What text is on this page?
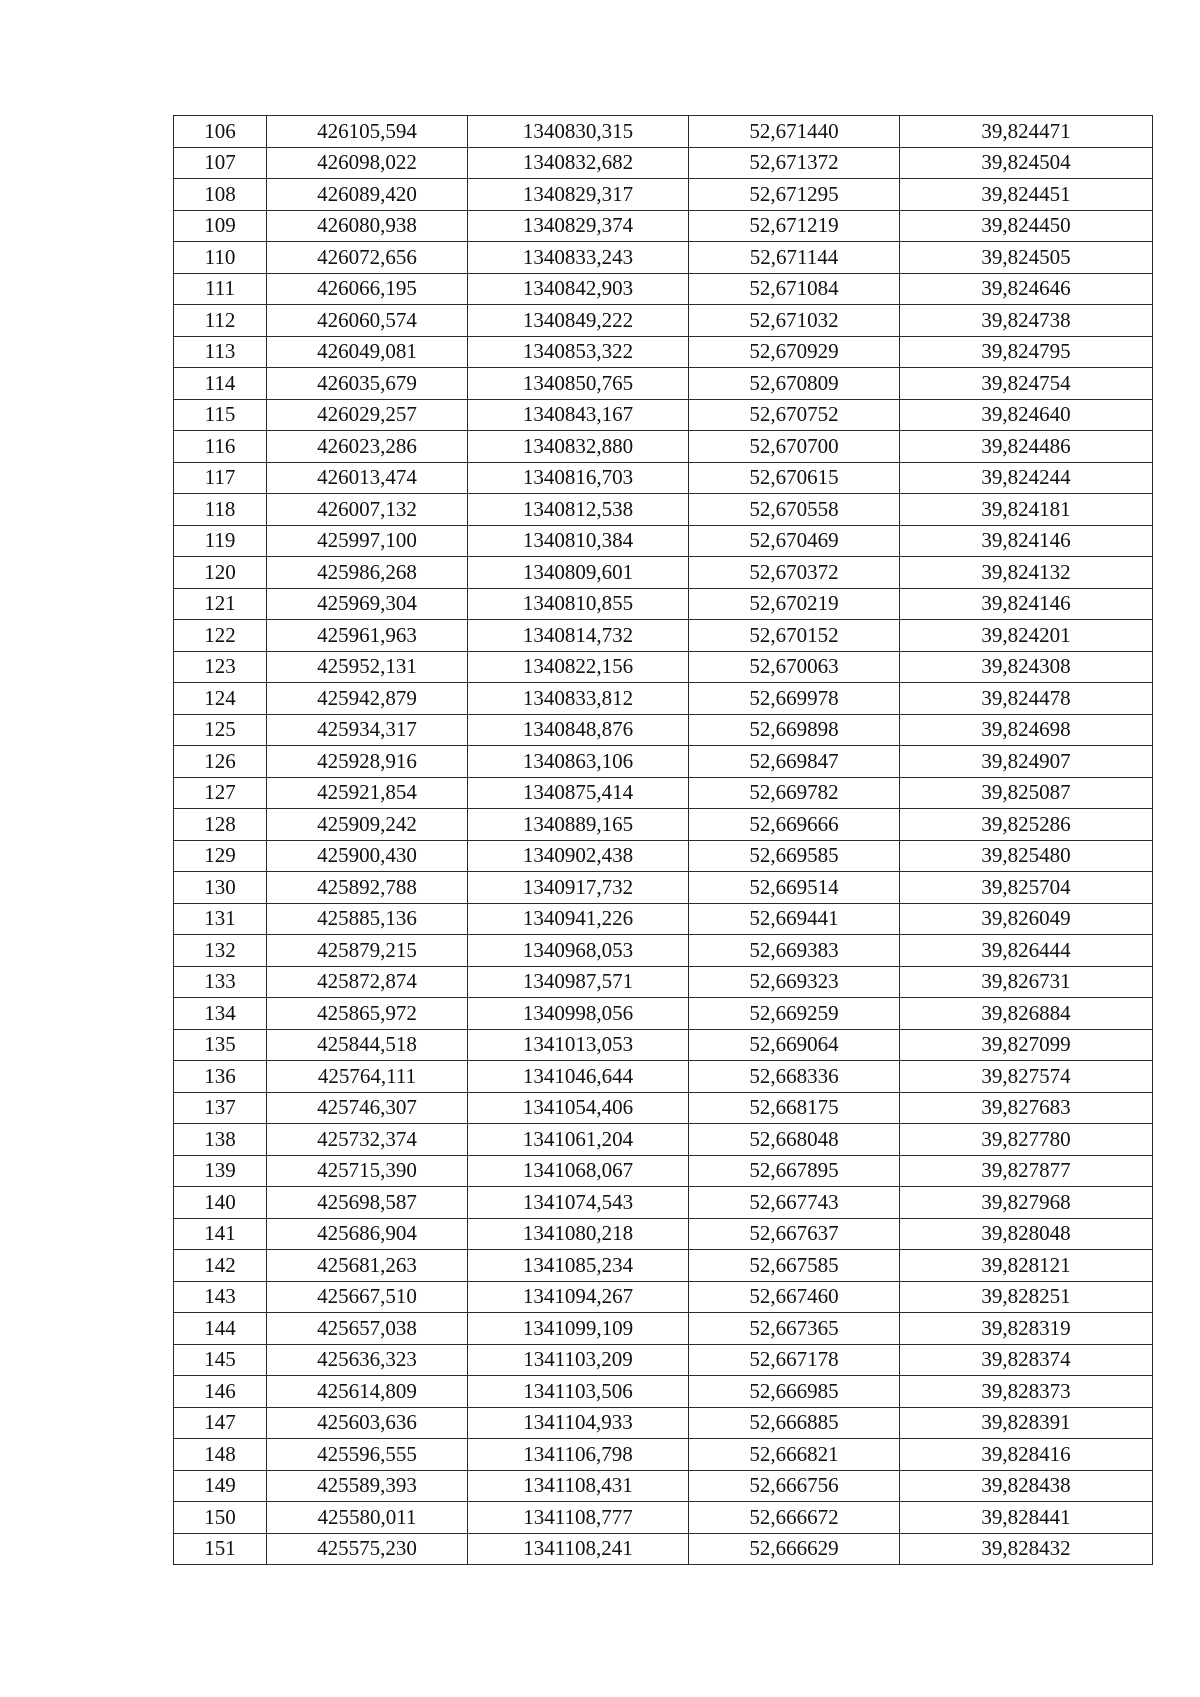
106	426105,594	1340830,315	52,671440	39,824471
107	426098,022	1340832,682	52,671372	39,824504
108	426089,420	1340829,317	52,671295	39,824451
109	426080,938	1340829,374	52,671219	39,824450
110	426072,656	1340833,243	52,671144	39,824505
111	426066,195	1340842,903	52,671084	39,824646
112	426060,574	1340849,222	52,671032	39,824738
113	426049,081	1340853,322	52,670929	39,824795
114	426035,679	1340850,765	52,670809	39,824754
115	426029,257	1340843,167	52,670752	39,824640
116	426023,286	1340832,880	52,670700	39,824486
117	426013,474	1340816,703	52,670615	39,824244
118	426007,132	1340812,538	52,670558	39,824181
119	425997,100	1340810,384	52,670469	39,824146
120	425986,268	1340809,601	52,670372	39,824132
121	425969,304	1340810,855	52,670219	39,824146
122	425961,963	1340814,732	52,670152	39,824201
123	425952,131	1340822,156	52,670063	39,824308
124	425942,879	1340833,812	52,669978	39,824478
125	425934,317	1340848,876	52,669898	39,824698
126	425928,916	1340863,106	52,669847	39,824907
127	425921,854	1340875,414	52,669782	39,825087
128	425909,242	1340889,165	52,669666	39,825286
129	425900,430	1340902,438	52,669585	39,825480
130	425892,788	1340917,732	52,669514	39,825704
131	425885,136	1340941,226	52,669441	39,826049
132	425879,215	1340968,053	52,669383	39,826444
133	425872,874	1340987,571	52,669323	39,826731
134	425865,972	1340998,056	52,669259	39,826884
135	425844,518	1341013,053	52,669064	39,827099
136	425764,111	1341046,644	52,668336	39,827574
137	425746,307	1341054,406	52,668175	39,827683
138	425732,374	1341061,204	52,668048	39,827780
139	425715,390	1341068,067	52,667895	39,827877
140	425698,587	1341074,543	52,667743	39,827968
141	425686,904	1341080,218	52,667637	39,828048
142	425681,263	1341085,234	52,667585	39,828121
143	425667,510	1341094,267	52,667460	39,828251
144	425657,038	1341099,109	52,667365	39,828319
145	425636,323	1341103,209	52,667178	39,828374
146	425614,809	1341103,506	52,666985	39,828373
147	425603,636	1341104,933	52,666885	39,828391
148	425596,555	1341106,798	52,666821	39,828416
149	425589,393	1341108,431	52,666756	39,828438
150	425580,011	1341108,777	52,666672	39,828441
151	425575,230	1341108,241	52,666629	39,828432
